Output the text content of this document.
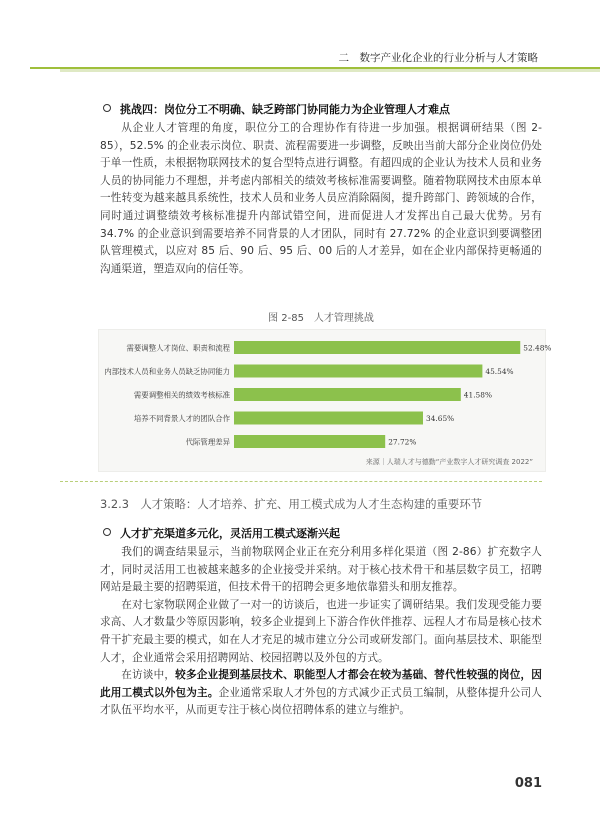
二　数字产业化企业的行业分析与人才策略
挑战四：岗位分工不明确、缺乏跨部门协同能力为企业管理人才难点

从企业人才管理的角度，职位分工的合理协作有待进一步加强。根据调研结果（图 2-85），52.5% 的企业表示岗位、职责、流程需要进一步调整，反映出当前大部分企业岗位仍处于单一性质，未根据物联网技术的复合型特点进行调整。有超四成的企业认为技术人员和业务人员的协同能力不理想，并考虑内部相关的绩效考核标准需要调整。随着物联网技术由原本单一性转变为越来越具系统性，技术人员和业务人员应消除隔阂，提升跨部门、跨领域的合作，同时通过调整绩效考核标准提升内部试错空间，进而促进人才发挥出自己最大优势。另有 34.7% 的企业意识到需要培养不同背景的人才团队，同时有 27.72% 的企业意识到要调整团队管理模式，以应对 85 后、90 后、95 后、00 后的人才差异，如在企业内部保持更畅通的沟通渠道，塑造双向的信任等。

图 2-85　人才管理挑战
需要调整人才岗位、职责和流程	52.48%
内部技术人员和业务人员缺乏协同能力	45.54%
需要调整相关的绩效考核标准	41.58%
培养不同背景人才的团队合作	34.65%
代际管理差异	27.72%
来源｜人瑞人才与德勤“产业数字人才研究调查 2022”
3.2.3　人才策略：人才培养、扩充、用工模式成为人才生态构建的重要环节
人才扩充渠道多元化，灵活用工模式逐渐兴起

我们的调查结果显示，当前物联网企业正在充分利用多样化渠道（图 2-86）扩充数字人才，同时灵活用工也被越来越多的企业接受并采纳。对于核心技术骨干和基层数字员工，招聘网站是最主要的招聘渠道，但技术骨干的招聘会更多地依靠猎头和朋友推荐。

在对七家物联网企业做了一对一的访谈后，也进一步证实了调研结果。我们发现受能力要求高、人才数量少等原因影响，较多企业提到上下游合作伙伴推荐、远程人才布局是核心技术骨干扩充最主要的模式，如在人才充足的城市建立分公司或研发部门。面向基层技术、职能型人才，企业通常会采用招聘网站、校园招聘以及外包的方式。

在访谈中，较多企业提到基层技术、职能型人才都会在较为基础、替代性较强的岗位，因此用工模式以外包为主。企业通常采取人才外包的方式减少正式员工编制，从整体提升公司人才队伍平均水平，从而更专注于核心岗位招聘体系的建立与维护。

081
